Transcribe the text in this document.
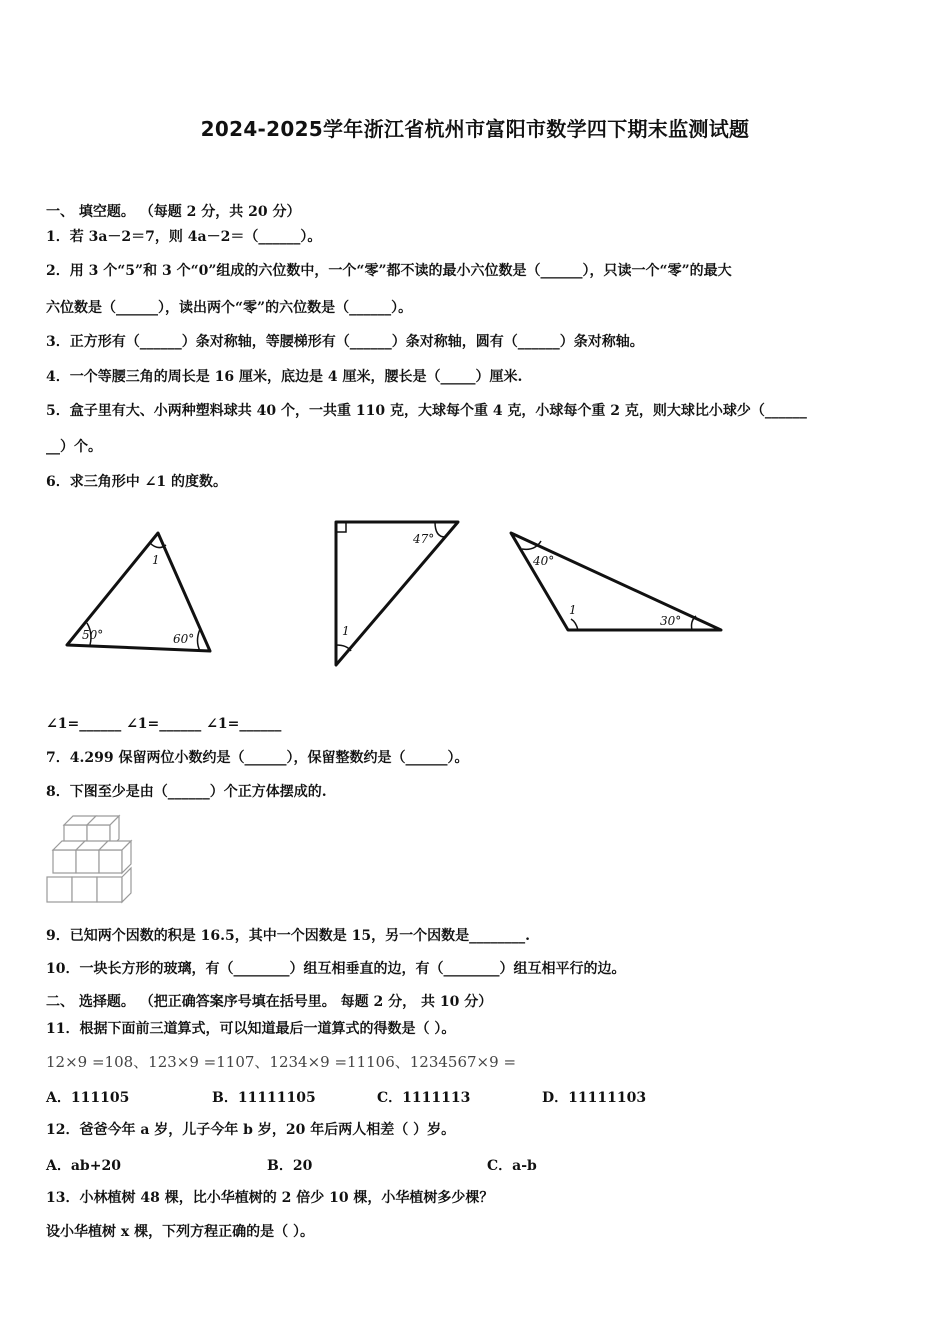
2024-2025学年浙江省杭州市富阳市数学四下期末监测试题
一、 填空题。 （每题 2 分，共 20 分）
1．若 3a－2＝7，则 4a－2＝（______）。
2．用 3 个“5”和 3 个“0”组成的六位数中，一个“零”都不读的最小六位数是（______），只读一个“零”的最大
六位数是（______），读出两个“零”的六位数是（______）。
3．正方形有（______）条对称轴，等腰梯形有（______）条对称轴，圆有（______）条对称轴。
4．一个等腰三角的周长是 16 厘米，底边是 4 厘米，腰长是（_____）厘米.
5．盒子里有大、小两种塑料球共 40 个，一共重 110 克，大球每个重 4 克，小球每个重 2 克，则大球比小球少（______
__）个。
6．求三角形中 ∠1 的度数。
1
50°	60°
47°
1
40°
1
30°
∠1=______ ∠1=______ ∠1=______
7．4.299 保留两位小数约是（______），保留整数约是（______）。
8．下图至少是由（______）个正方体摆成的.
9．已知两个因数的积是 16.5，其中一个因数是 15，另一个因数是________.
10．一块长方形的玻璃，有（________）组互相垂直的边，有（________）组互相平行的边。
二、 选择题。 （把正确答案序号填在括号里。 每题 2 分， 共 10 分）
11．根据下面前三道算式，可以知道最后一道算式的得数是（ ）。
12×9 =108、123×9 =1107、1234×9 =11106、1234567×9 =
A．111105	B．11111105	C．1111113	D．11111103
12．爸爸今年 a 岁，儿子今年 b 岁，20 年后两人相差（ ）岁。
A．ab+20	B．20	C．a-b
13．小林植树 48 棵，比小华植树的 2 倍少 10 棵，小华植树多少棵？
设小华植树 x 棵，下列方程正确的是（ ）。
